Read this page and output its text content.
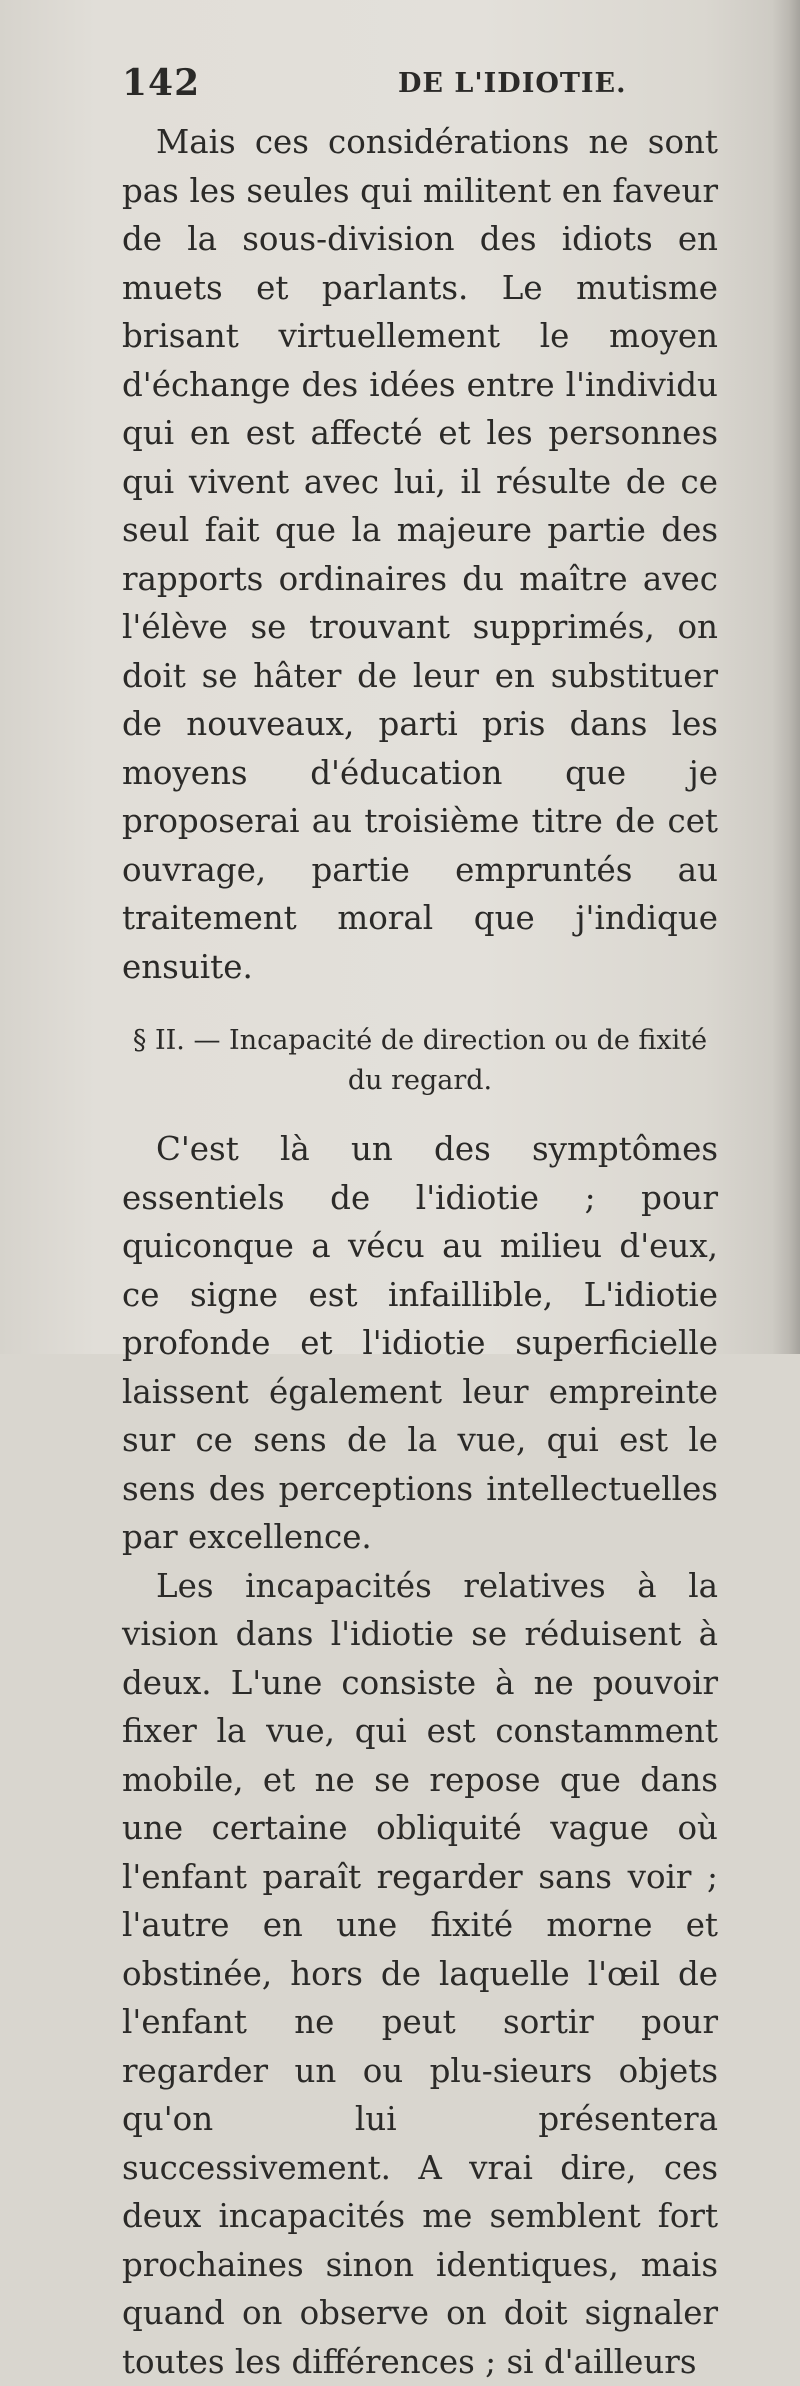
142	DE L'IDIOTIE.

Mais ces considérations ne sont pas les seules qui militent en faveur de la sous-division des idiots en muets et parlants. Le mutisme brisant virtuellement le moyen d'échange des idées entre l'individu qui en est affecté et les personnes qui vivent avec lui, il résulte de ce seul fait que la majeure partie des rapports ordinaires du maître avec l'élève se trouvant supprimés, on doit se hâter de leur en substituer de nouveaux, parti pris dans les moyens d'éducation que je proposerai au troisième titre de cet ouvrage, partie empruntés au traitement moral que j'indique ensuite.

§ II. — Incapacité de direction ou de fixité du regard.

C'est là un des symptômes essentiels de l'idiotie ; pour quiconque a vécu au milieu d'eux, ce signe est infaillible, L'idiotie profonde et l'idiotie superficielle laissent également leur empreinte sur ce sens de la vue, qui est le sens des perceptions intellectuelles par excellence.

Les incapacités relatives à la vision dans l'idiotie se réduisent à deux. L'une consiste à ne pouvoir fixer la vue, qui est constamment mobile, et ne se repose que dans une certaine obliquité vague où l'enfant paraît regarder sans voir ; l'autre en une fixité morne et obstinée, hors de laquelle l'œil de l'enfant ne peut sortir pour regarder un ou plu-sieurs objets qu'on lui présentera successivement. A vrai dire, ces deux incapacités me semblent fort prochaines sinon identiques, mais quand on observe on doit signaler toutes les différences ; si d'ailleurs
